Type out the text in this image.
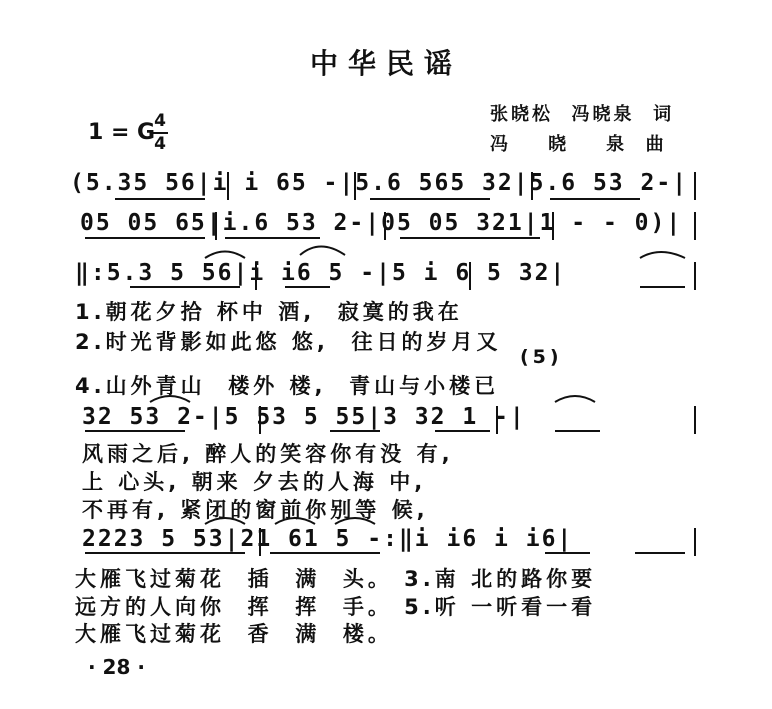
中华民谣
张晓松  冯晓泉  词
冯    晓    泉  曲
1 = G
4
4
(5.35 56|i i 65 -|5.6 565 32|5.6 53 2-|
05 05 65|i.6 53 2-|05 05 321|1 - - 0)|
‖:5.3 5 56|i i6 5 -|5 i 6 5 32|
1.朝花夕拾 杯中 酒,  寂寞的我在
2.时光背影如此悠 悠,  往日的岁月又
(5)
4.山外青山  楼外 楼,  青山与小楼已
32 53 2-|5 53 5 55|3 32 1 -|
风雨之后, 醉人的笑容你有没 有,
上 心头, 朝来 夕去的人海 中,
不再有, 紧闭的窗前你别等 候,
2223 5 53|21 61 5 -:‖i i6 i i6|
大雁飞过菊花  插  满  头。 3.南 北的路你要
远方的人向你  挥  挥  手。 5.听 一听看一看
大雁飞过菊花  香  满  楼。
· 28 ·
